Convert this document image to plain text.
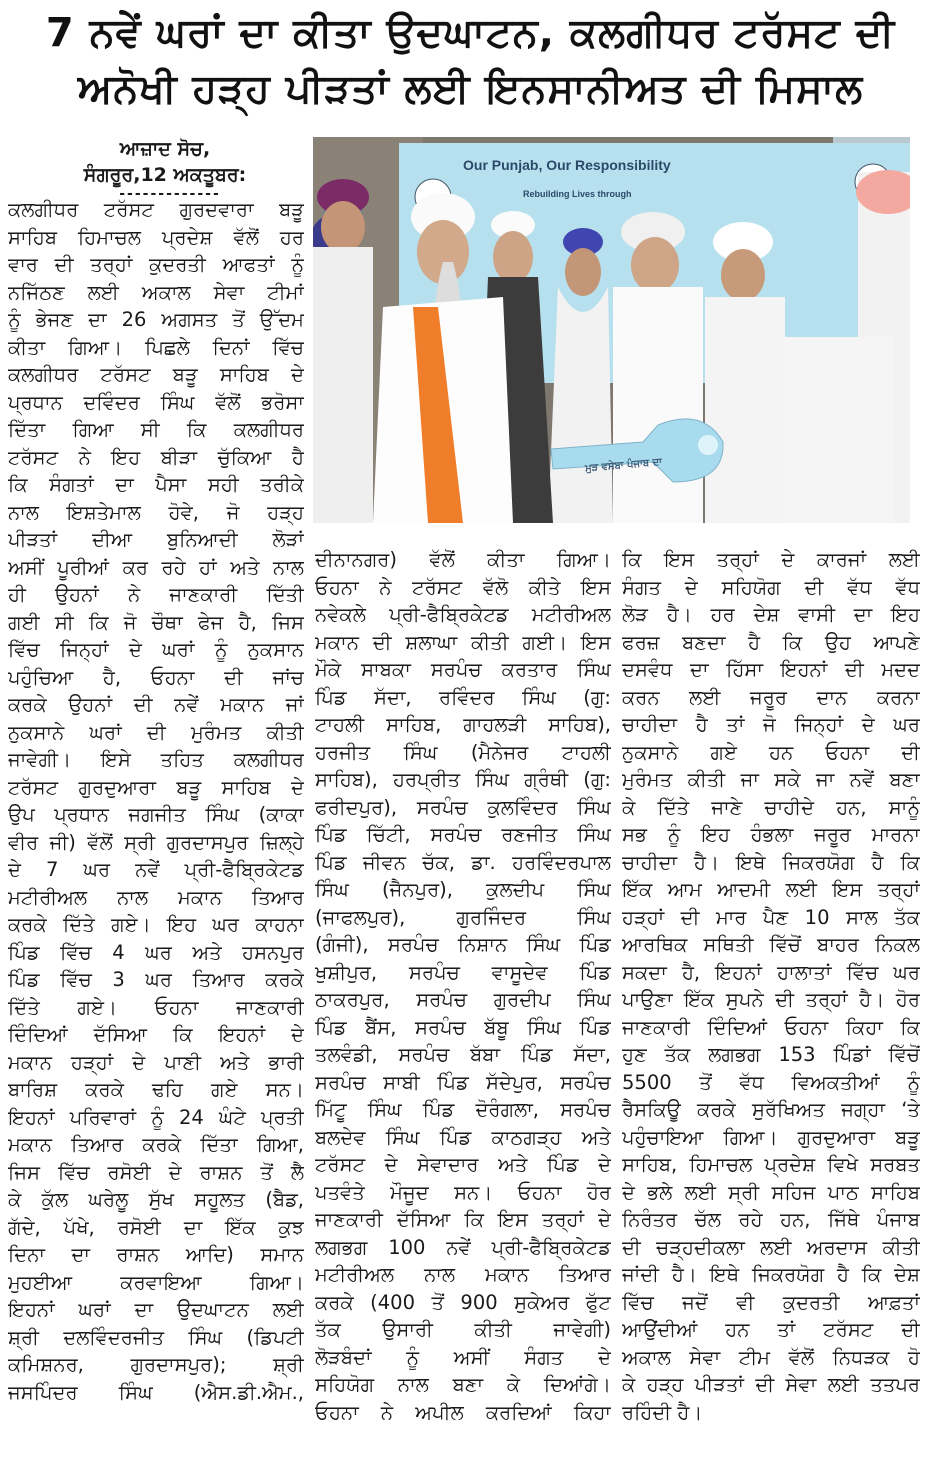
7 ਨਵੇਂ ਘਰਾਂ ਦਾ ਕੀਤਾ ਉਦਘਾਟਨ, ਕਲਗੀਧਰ ਟਰੱਸਟ ਦੀ
ਅਨੋਖੀ ਹੜ੍ਹ ਪੀੜਤਾਂ ਲਈ ਇਨਸਾਨੀਅਤ ਦੀ ਮਿਸਾਲ
ਆਜ਼ਾਦ ਸੋਚ,
ਸੰਗਰੂਰ,12 ਅਕਤੂਬਰ:
-------------
Our Punjab, Our Responsibility
Rebuilding Lives through
ਮੁੜ ਵਸੇਬਾ ਪੰਜਾਬ ਦਾ
ਕਲਗੀਧਰ ਟਰੱਸਟ ਗੁਰਦਵਾਰਾ ਬੜੂ
ਸਾਹਿਬ ਹਿਮਾਚਲ ਪ੍ਰਦੇਸ਼ ਵੱਲੋਂ ਹਰ
ਵਾਰ ਦੀ ਤਰ੍ਹਾਂ ਕੁਦਰਤੀ ਆਫਤਾਂ ਨੂੰ
ਨਜਿੱਠਣ ਲਈ ਅਕਾਲ ਸੇਵਾ ਟੀਮਾਂ
ਨੂੰ ਭੇਜਣ ਦਾ 26 ਅਗਸਤ ਤੋਂ ਉੱਦਮ
ਕੀਤਾ ਗਿਆ। ਪਿਛਲੇ ਦਿਨਾਂ ਵਿੱਚ
ਕਲਗੀਧਰ ਟਰੱਸਟ ਬੜੂ ਸਾਹਿਬ ਦੇ
ਪ੍ਰਧਾਨ ਦਵਿੰਦਰ ਸਿੰਘ ਵੱਲੋਂ ਭਰੋਸਾ
ਦਿੱਤਾ ਗਿਆ ਸੀ ਕਿ ਕਲਗੀਧਰ
ਟਰੱਸਟ ਨੇ ਇਹ ਬੀੜਾ ਚੁੱਕਿਆ ਹੈ
ਕਿ ਸੰਗਤਾਂ ਦਾ ਪੈਸਾ ਸਹੀ ਤਰੀਕੇ
ਨਾਲ ਇਸ਼ਤੇਮਾਲ ਹੋਵੇ, ਜੋ ਹੜ੍ਹ
ਪੀੜਤਾਂ ਦੀਆ ਬੁਨਿਆਦੀ ਲੋੜਾਂ
ਅਸੀਂ ਪੂਰੀਆਂ ਕਰ ਰਹੇ ਹਾਂ ਅਤੇ ਨਾਲ
ਹੀ ਉਹਨਾਂ ਨੇ ਜਾਣਕਾਰੀ ਦਿੱਤੀ
ਗਈ ਸੀ ਕਿ ਜੋ ਚੌਥਾ ਫੇਜ ਹੈ, ਜਿਸ
ਵਿੱਚ ਜਿਨ੍ਹਾਂ ਦੇ ਘਰਾਂ ਨੂੰ ਨੁਕਸਾਨ
ਪਹੁੰਚਿਆ ਹੈ, ਓਹਨਾ ਦੀ ਜਾਂਚ
ਕਰਕੇ ਉਹਨਾਂ ਦੀ ਨਵੇਂ ਮਕਾਨ ਜਾਂ
ਨੁਕਸਾਨੇ ਘਰਾਂ ਦੀ ਮੁਰੰਮਤ ਕੀਤੀ
ਜਾਵੇਗੀ। ਇਸੇ ਤਹਿਤ ਕਲਗੀਧਰ
ਟਰੱਸਟ ਗੁਰਦੁਆਰਾ ਬੜੂ ਸਾਹਿਬ ਦੇ
ਉਪ ਪ੍ਰਧਾਨ ਜਗਜੀਤ ਸਿੰਘ (ਕਾਕਾ
ਵੀਰ ਜੀ) ਵੱਲੋਂ ਸ੍ਰੀ ਗੁਰਦਾਸਪੁਰ ਜ਼ਿਲ੍ਹੇ
ਦੇ 7 ਘਰ ਨਵੇਂ ਪ੍ਰੀ-ਫੈਬ੍ਰਿਕੇਟਡ
ਮਟੀਰੀਅਲ ਨਾਲ ਮਕਾਨ ਤਿਆਰ
ਕਰਕੇ ਦਿੱਤੇ ਗਏ। ਇਹ ਘਰ ਕਾਹਨਾ
ਪਿੰਡ ਵਿੱਚ 4 ਘਰ ਅਤੇ ਹਸਨਪੁਰ
ਪਿੰਡ ਵਿੱਚ 3 ਘਰ ਤਿਆਰ ਕਰਕੇ
ਦਿੱਤੇ ਗਏ। ਓਹਨਾ ਜਾਣਕਾਰੀ
ਦਿੰਦਿਆਂ ਦੱਸਿਆ ਕਿ ਇਹਨਾਂ ਦੇ
ਮਕਾਨ ਹੜ੍ਹਾਂ ਦੇ ਪਾਣੀ ਅਤੇ ਭਾਰੀ
ਬਾਰਿਸ਼ ਕਰਕੇ ਢਹਿ ਗਏ ਸਨ।
ਇਹਨਾਂ ਪਰਿਵਾਰਾਂ ਨੂੰ 24 ਘੰਟੇ ਪ੍ਰਤੀ
ਮਕਾਨ ਤਿਆਰ ਕਰਕੇ ਦਿੱਤਾ ਗਿਆ,
ਜਿਸ ਵਿੱਚ ਰਸੋਈ ਦੇ ਰਾਸ਼ਨ ਤੋਂ ਲੈ
ਕੇ ਕੁੱਲ ਘਰੇਲੂ ਸੁੱਖ ਸਹੂਲਤ (ਬੈਡ,
ਗੱਦੇ, ਪੱਖੇ, ਰਸੋਈ ਦਾ ਇੱਕ ਕੁਝ
ਦਿਨਾ ਦਾ ਰਾਸ਼ਨ ਆਦਿ) ਸਮਾਨ
ਮੁਹਈਆ ਕਰਵਾਇਆ ਗਿਆ।
ਇਹਨਾਂ ਘਰਾਂ ਦਾ ਉਦਘਾਟਨ ਲਈ
ਸ਼੍ਰੀ ਦਲਵਿੰਦਰਜੀਤ ਸਿੰਘ (ਡਿਪਟੀ
ਕਮਿਸ਼ਨਰ, ਗੁਰਦਾਸਪੁਰ); ਸ਼੍ਰੀ
ਜਸਪਿੰਦਰ ਸਿੰਘ (ਐਸ.ਡੀ.ਐਮ.,
ਦੀਨਾਨਗਰ) ਵੱਲੋਂ ਕੀਤਾ ਗਿਆ।
ਓਹਨਾ ਨੇ ਟਰੱਸਟ ਵੱਲੋ ਕੀਤੇ ਇਸ
ਨਵੇਕਲੇ ਪ੍ਰੀ-ਫੈਬ੍ਰਿਕੇਟਡ ਮਟੀਰੀਅਲ
ਮਕਾਨ ਦੀ ਸ਼ਲਾਘਾ ਕੀਤੀ ਗਈ। ਇਸ
ਮੌਕੇ ਸਾਬਕਾ ਸਰਪੰਚ ਕਰਤਾਰ ਸਿੰਘ
ਪਿੰਡ ਸੱਦਾ, ਰਵਿੰਦਰ ਸਿੰਘ (ਗੁ:
ਟਾਹਲੀ ਸਾਹਿਬ, ਗਾਹਲੜੀ ਸਾਹਿਬ),
ਹਰਜੀਤ ਸਿੰਘ (ਮੈਨੇਜਰ ਟਾਹਲੀ
ਸਾਹਿਬ), ਹਰਪ੍ਰੀਤ ਸਿੰਘ ਗ੍ਰੰਥੀ (ਗੁ:
ਫਰੀਦਪੁਰ), ਸਰਪੰਚ ਕੁਲਵਿੰਦਰ ਸਿੰਘ
ਪਿੰਡ ਚਿੱਟੀ, ਸਰਪੰਚ ਰਣਜੀਤ ਸਿੰਘ
ਪਿੰਡ ਜੀਵਨ ਚੱਕ, ਡਾ. ਹਰਵਿੰਦਰਪਾਲ
ਸਿੰਘ (ਜੈਨਪੁਰ), ਕੁਲਦੀਪ ਸਿੰਘ
(ਜਾਫਲਪੁਰ), ਗੁਰਜਿੰਦਰ ਸਿੰਘ
(ਗੰਜੀ), ਸਰਪੰਚ ਨਿਸ਼ਾਨ ਸਿੰਘ ਪਿੰਡ
ਖੁਸ਼ੀਪੁਰ, ਸਰਪੰਚ ਵਾਸੂਦੇਵ ਪਿੰਡ
ਠਾਕਰਪੁਰ, ਸਰਪੰਚ ਗੁਰਦੀਪ ਸਿੰਘ
ਪਿੰਡ ਬੈਂਸ, ਸਰਪੰਚ ਬੱਬੂ ਸਿੰਘ ਪਿੰਡ
ਤਲਵੰਡੀ, ਸਰਪੰਚ ਬੱਬਾ ਪਿੰਡ ਸੱਦਾ,
ਸਰਪੰਚ ਸਾਬੀ ਪਿੰਡ ਸੱਦੇਪੁਰ, ਸਰਪੰਚ
ਮਿੱਟੂ ਸਿੰਘ ਪਿੰਡ ਦੋਰੰਗਲਾ, ਸਰਪੰਚ
ਬਲਦੇਵ ਸਿੰਘ ਪਿੰਡ ਕਾਠਗੜ੍ਹ ਅਤੇ
ਟਰੱਸਟ ਦੇ ਸੇਵਾਦਾਰ ਅਤੇ ਪਿੰਡ ਦੇ
ਪਤਵੰਤੇ ਮੌਜੂਦ ਸਨ। ਓਹਨਾ ਹੋਰ
ਜਾਣਕਾਰੀ ਦੱਸਿਆ ਕਿ ਇਸ ਤਰ੍ਹਾਂ ਦੇ
ਲਗਭਗ 100 ਨਵੇਂ ਪ੍ਰੀ-ਫੈਬ੍ਰਿਕੇਟਡ
ਮਟੀਰੀਅਲ ਨਾਲ ਮਕਾਨ ਤਿਆਰ
ਕਰਕੇ (400 ਤੋਂ 900 ਸੁਕੇਅਰ ਫੁੱਟ
ਤੱਕ ਉਸਾਰੀ ਕੀਤੀ ਜਾਵੇਗੀ)
ਲੋੜਬੰਦਾਂ ਨੂੰ ਅਸੀਂ ਸੰਗਤ ਦੇ
ਸਹਿਯੋਗ ਨਾਲ ਬਣਾ ਕੇ ਦਿਆਂਗੇ।
ਓਹਨਾ ਨੇ ਅਪੀਲ ਕਰਦਿਆਂ ਕਿਹਾ
ਕਿ ਇਸ ਤਰ੍ਹਾਂ ਦੇ ਕਾਰਜਾਂ ਲਈ
ਸੰਗਤ ਦੇ ਸਹਿਯੋਗ ਦੀ ਵੱਧ ਵੱਧ
ਲੋੜ ਹੈ। ਹਰ ਦੇਸ਼ ਵਾਸੀ ਦਾ ਇਹ
ਫਰਜ਼ ਬਣਦਾ ਹੈ ਕਿ ਉਹ ਆਪਣੇ
ਦਸਵੰਧ ਦਾ ਹਿੱਸਾ ਇਹਨਾਂ ਦੀ ਮਦਦ
ਕਰਨ ਲਈ ਜਰੂਰ ਦਾਨ ਕਰਨਾ
ਚਾਹੀਦਾ ਹੈ ਤਾਂ ਜੋ ਜਿਨ੍ਹਾਂ ਦੇ ਘਰ
ਨੁਕਸਾਨੇ ਗਏ ਹਨ ਓਹਨਾ ਦੀ
ਮੁਰੰਮਤ ਕੀਤੀ ਜਾ ਸਕੇ ਜਾ ਨਵੇਂ ਬਣਾ
ਕੇ ਦਿੱਤੇ ਜਾਣੇ ਚਾਹੀਦੇ ਹਨ, ਸਾਨੂੰ
ਸਭ ਨੂੰ ਇਹ ਹੰਭਲਾ ਜਰੂਰ ਮਾਰਨਾ
ਚਾਹੀਦਾ ਹੈ। ਇਥੇ ਜਿਕਰਯੋਗ ਹੈ ਕਿ
ਇੱਕ ਆਮ ਆਦਮੀ ਲਈ ਇਸ ਤਰ੍ਹਾਂ
ਹੜ੍ਹਾਂ ਦੀ ਮਾਰ ਪੈਣ 10 ਸਾਲ ਤੱਕ
ਆਰਥਿਕ ਸਥਿਤੀ ਵਿੱਚੋਂ ਬਾਹਰ ਨਿਕਲ
ਸਕਦਾ ਹੈ, ਇਹਨਾਂ ਹਾਲਾਤਾਂ ਵਿੱਚ ਘਰ
ਪਾਉਣਾ ਇੱਕ ਸੁਪਨੇ ਦੀ ਤਰ੍ਹਾਂ ਹੈ। ਹੋਰ
ਜਾਣਕਾਰੀ ਦਿੰਦਿਆਂ ਓਹਨਾ ਕਿਹਾ ਕਿ
ਹੁਣ ਤੱਕ ਲਗਭਗ 153 ਪਿੰਡਾਂ ਵਿੱਚੋਂ
5500 ਤੋਂ ਵੱਧ ਵਿਅਕਤੀਆਂ ਨੂੰ
ਰੈਸਕਿਊ ਕਰਕੇ ਸੁਰੱਖਿਅਤ ਜਗ੍ਹਾ ‘ਤੇ
ਪਹੁੰਚਾਇਆ ਗਿਆ। ਗੁਰਦੁਆਰਾ ਬੜੂ
ਸਾਹਿਬ, ਹਿਮਾਚਲ ਪ੍ਰਦੇਸ਼ ਵਿਖੇ ਸਰਬਤ
ਦੇ ਭਲੇ ਲਈ ਸ੍ਰੀ ਸਹਿਜ ਪਾਠ ਸਾਹਿਬ
ਨਿਰੰਤਰ ਚੱਲ ਰਹੇ ਹਨ, ਜਿੱਥੇ ਪੰਜਾਬ
ਦੀ ਚੜ੍ਹਦੀਕਲਾ ਲਈ ਅਰਦਾਸ ਕੀਤੀ
ਜਾਂਦੀ ਹੈ। ਇਥੇ ਜਿਕਰਯੋਗ ਹੈ ਕਿ ਦੇਸ਼
ਵਿੱਚ ਜਦੋਂ ਵੀ ਕੁਦਰਤੀ ਆਫ਼ਤਾਂ
ਆਉਂਦੀਆਂ ਹਨ ਤਾਂ ਟਰੱਸਟ ਦੀ
ਅਕਾਲ ਸੇਵਾ ਟੀਮ ਵੱਲੋਂ ਨਿਧੜਕ ਹੋ
ਕੇ ਹੜ੍ਹ ਪੀੜਤਾਂ ਦੀ ਸੇਵਾ ਲਈ ਤਤਪਰ
ਰਹਿੰਦੀ ਹੈ।
